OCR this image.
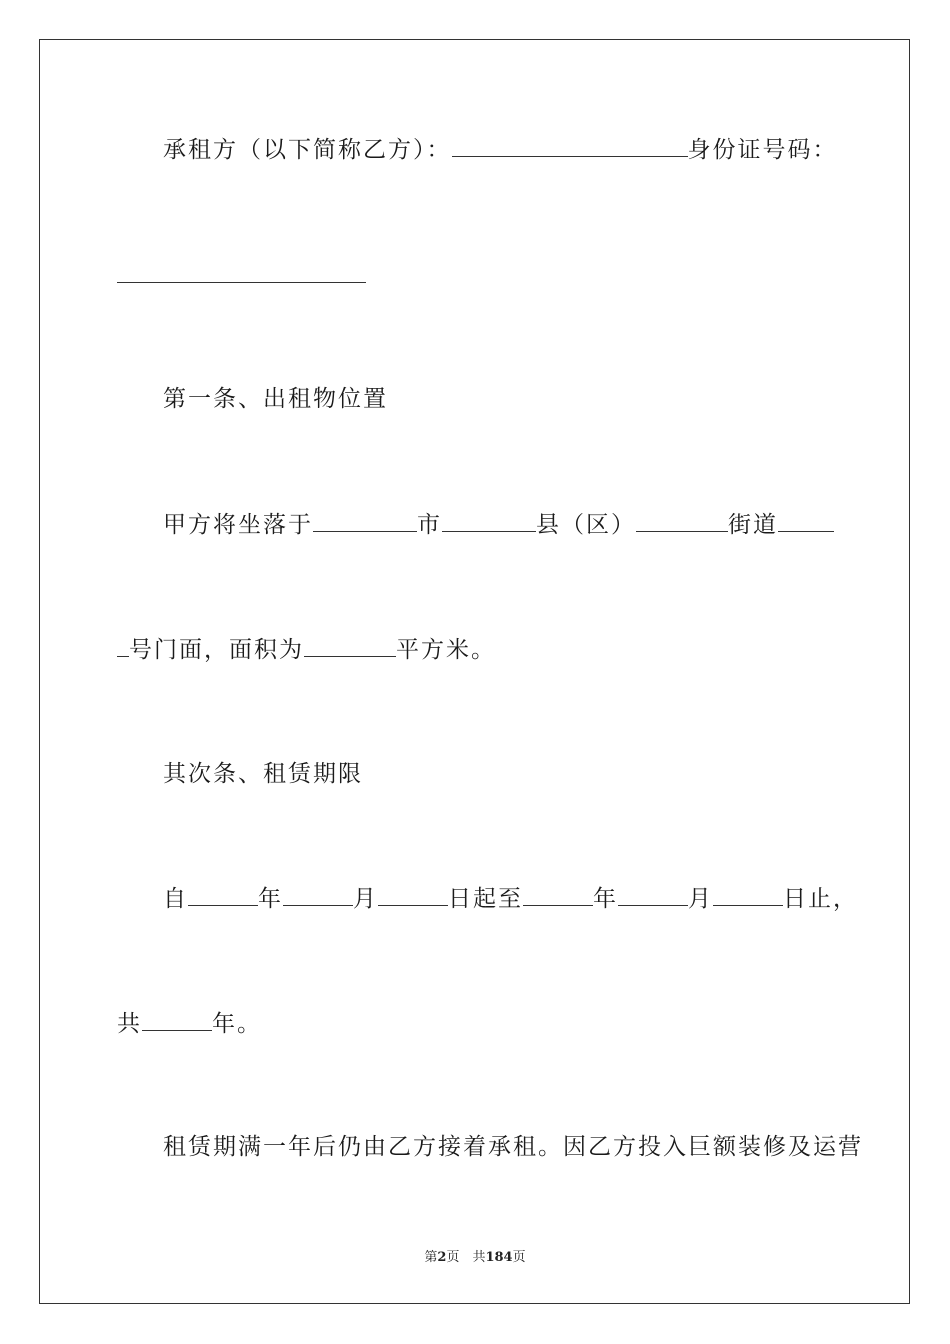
承租方（以下简称乙方）：	身份证号码：
第一条、出租物位置
甲方将坐落于	市	县（区）	街道
号门面，面积为	平方米。
其次条、租赁期限
自	年	月	日起至	年	月	日止，
共	年。
租赁期满一年后仍由乙方接着承租。因乙方投入巨额装修及运营
第2页　共184页
